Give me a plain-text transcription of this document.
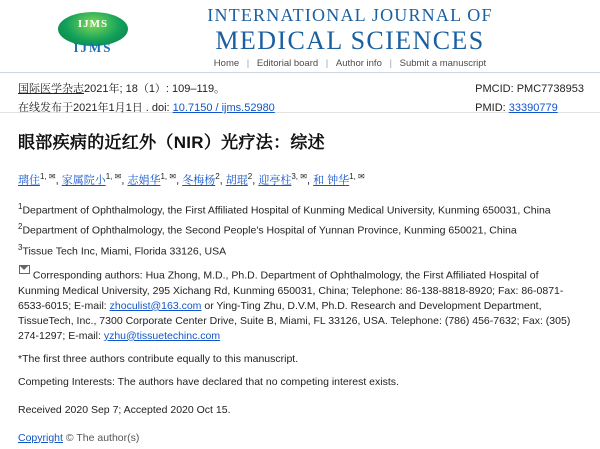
IJMS
IJMS
INTERNATIONAL JOURNAL OF
MEDICAL SCIENCES
Home | Editorial board | Author info | Submit a manuscript
国际医学杂志2021年; 18（1）: 109–119。
在线发布于2021年1月1日 . doi: 10.7150 / ijms.52980
PMCID: PMC7738953
PMID: 33390779
眼部疾病的近红外（NIR）光疗法：综述
璃住$^{1, ✉}$, 家属院小$^{1, ✉}$, 志娟华$^{1, ✉}$, 冬梅杨$^2$, 胡琨$^2$, 迎亭柱$^{3, ✉}$, 和 钟华$^{1, ✉}$

$^1$Department of Ophthalmology, the First Affiliated Hospital of Kunming Medical University, Kunming 650031, China

$^2$Department of Ophthalmology, the Second People's Hospital of Yunnan Province, Kunming 650021, China

$^3$Tissue Tech Inc, Miami, Florida 33126, USA

Corresponding authors: Hua Zhong, M.D., Ph.D. Department of Ophthalmology, the First Affiliated Hospital of Kunming Medical University, 295 Xichang Rd, Kunming 650031, China; Telephone: 86-138-8818-8920; Fax: 86-0871-6533-6015; E-mail: zhoculist@163.com or Ying-Ting Zhu, D.V.M, Ph.D. Research and Development Department, TissueTech, Inc., 7300 Corporate Center Drive, Suite B, Miami, FL 33126, USA. Telephone: (786) 456-7632; Fax: (305) 274-1297; E-mail: yzhu@tissuetechinc.com

*The first three authors contribute equally to this manuscript.

Competing Interests: The authors have declared that no competing interest exists.

Received 2020 Sep 7; Accepted 2020 Oct 15.

Copyright © The author(s)
